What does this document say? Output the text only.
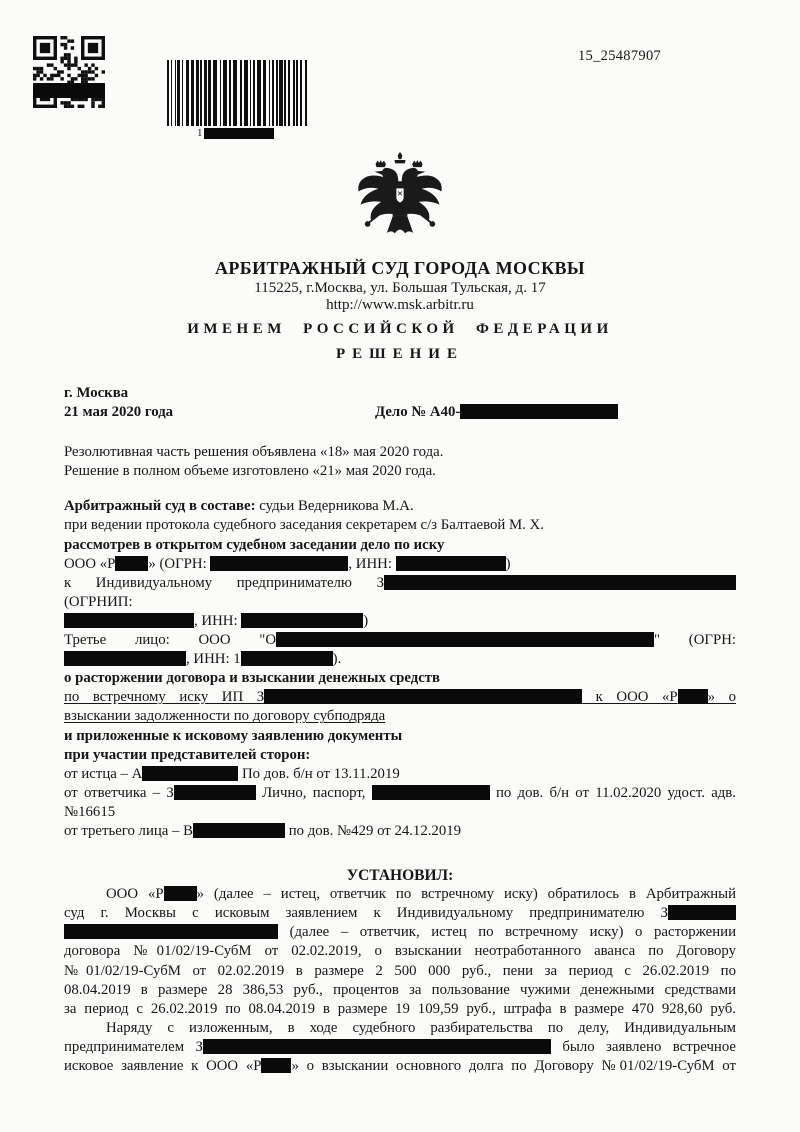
1
15_25487907
АРБИТРАЖНЫЙ СУД ГОРОДА МОСКВЫ
115225, г.Москва, ул. Большая Тульская, д. 17
http://www.msk.arbitr.ru
ИМЕНЕМ РОССИЙСКОЙ ФЕДЕРАЦИИ
РЕШЕНИЕ
г. Москва
21 мая 2020 года	Дело № А40-
Резолютивная часть решения объявлена «18» мая 2020 года.
Решение в полном объеме изготовлено «21» мая 2020 года.
Арбитражный суд в составе: судьи Ведерникова М.А.
при ведении протокола судебного заседания секретарем с/з Балтаевой М. Х.
рассмотрев в открытом судебном заседании дело по иску
ООО «Р » (ОГРН:	, ИНН:	)
к Индивидуальному предпринимателю З (ОГРНИП:
, ИНН:	)
Третье лицо: ООО "О	" (ОГРН:
, ИНН: 1	).
о расторжении договора и взыскании денежных средств
по встречному иску ИП З	к ООО «Р » о
взыскании задолженности по договору субподряда
и приложенные к исковому заявлению документы
при участии представителей сторон:
от истца – А	По дов. б/н от 13.11.2019
от ответчика – З	Лично, паспорт,	по дов. б/н от 11.02.2020 удост. адв.
№16615
от третьего лица – В	по дов. №429 от 24.12.2019
УСТАНОВИЛ:
ООО «Р » (далее – истец, ответчик по встречному иску) обратилось в Арбитражный
суд г. Москвы с исковым заявлением к Индивидуальному предпринимателю З
(далее – ответчик, истец по встречному иску) о расторжении
договора №01/02/19-СубМ от 02.02.2019, о взыскании неотработанного аванса по Договору
№01/02/19-СубМ от 02.02.2019 в размере 2 500 000 руб., пени за период с 26.02.2019 по
08.04.2019 в размере 28 386,53 руб., процентов за пользование чужими денежными средствами
за период с 26.02.2019 по 08.04.2019 в размере 19 109,59 руб., штрафа в размере 470 928,60 руб.
Наряду с изложенным, в ходе судебного разбирательства по делу, Индивидуальным
предпринимателем З	было заявлено встречное
исковое заявление к ООО «Р » о взыскании основного долга по Договору №01/02/19-СубМ от
